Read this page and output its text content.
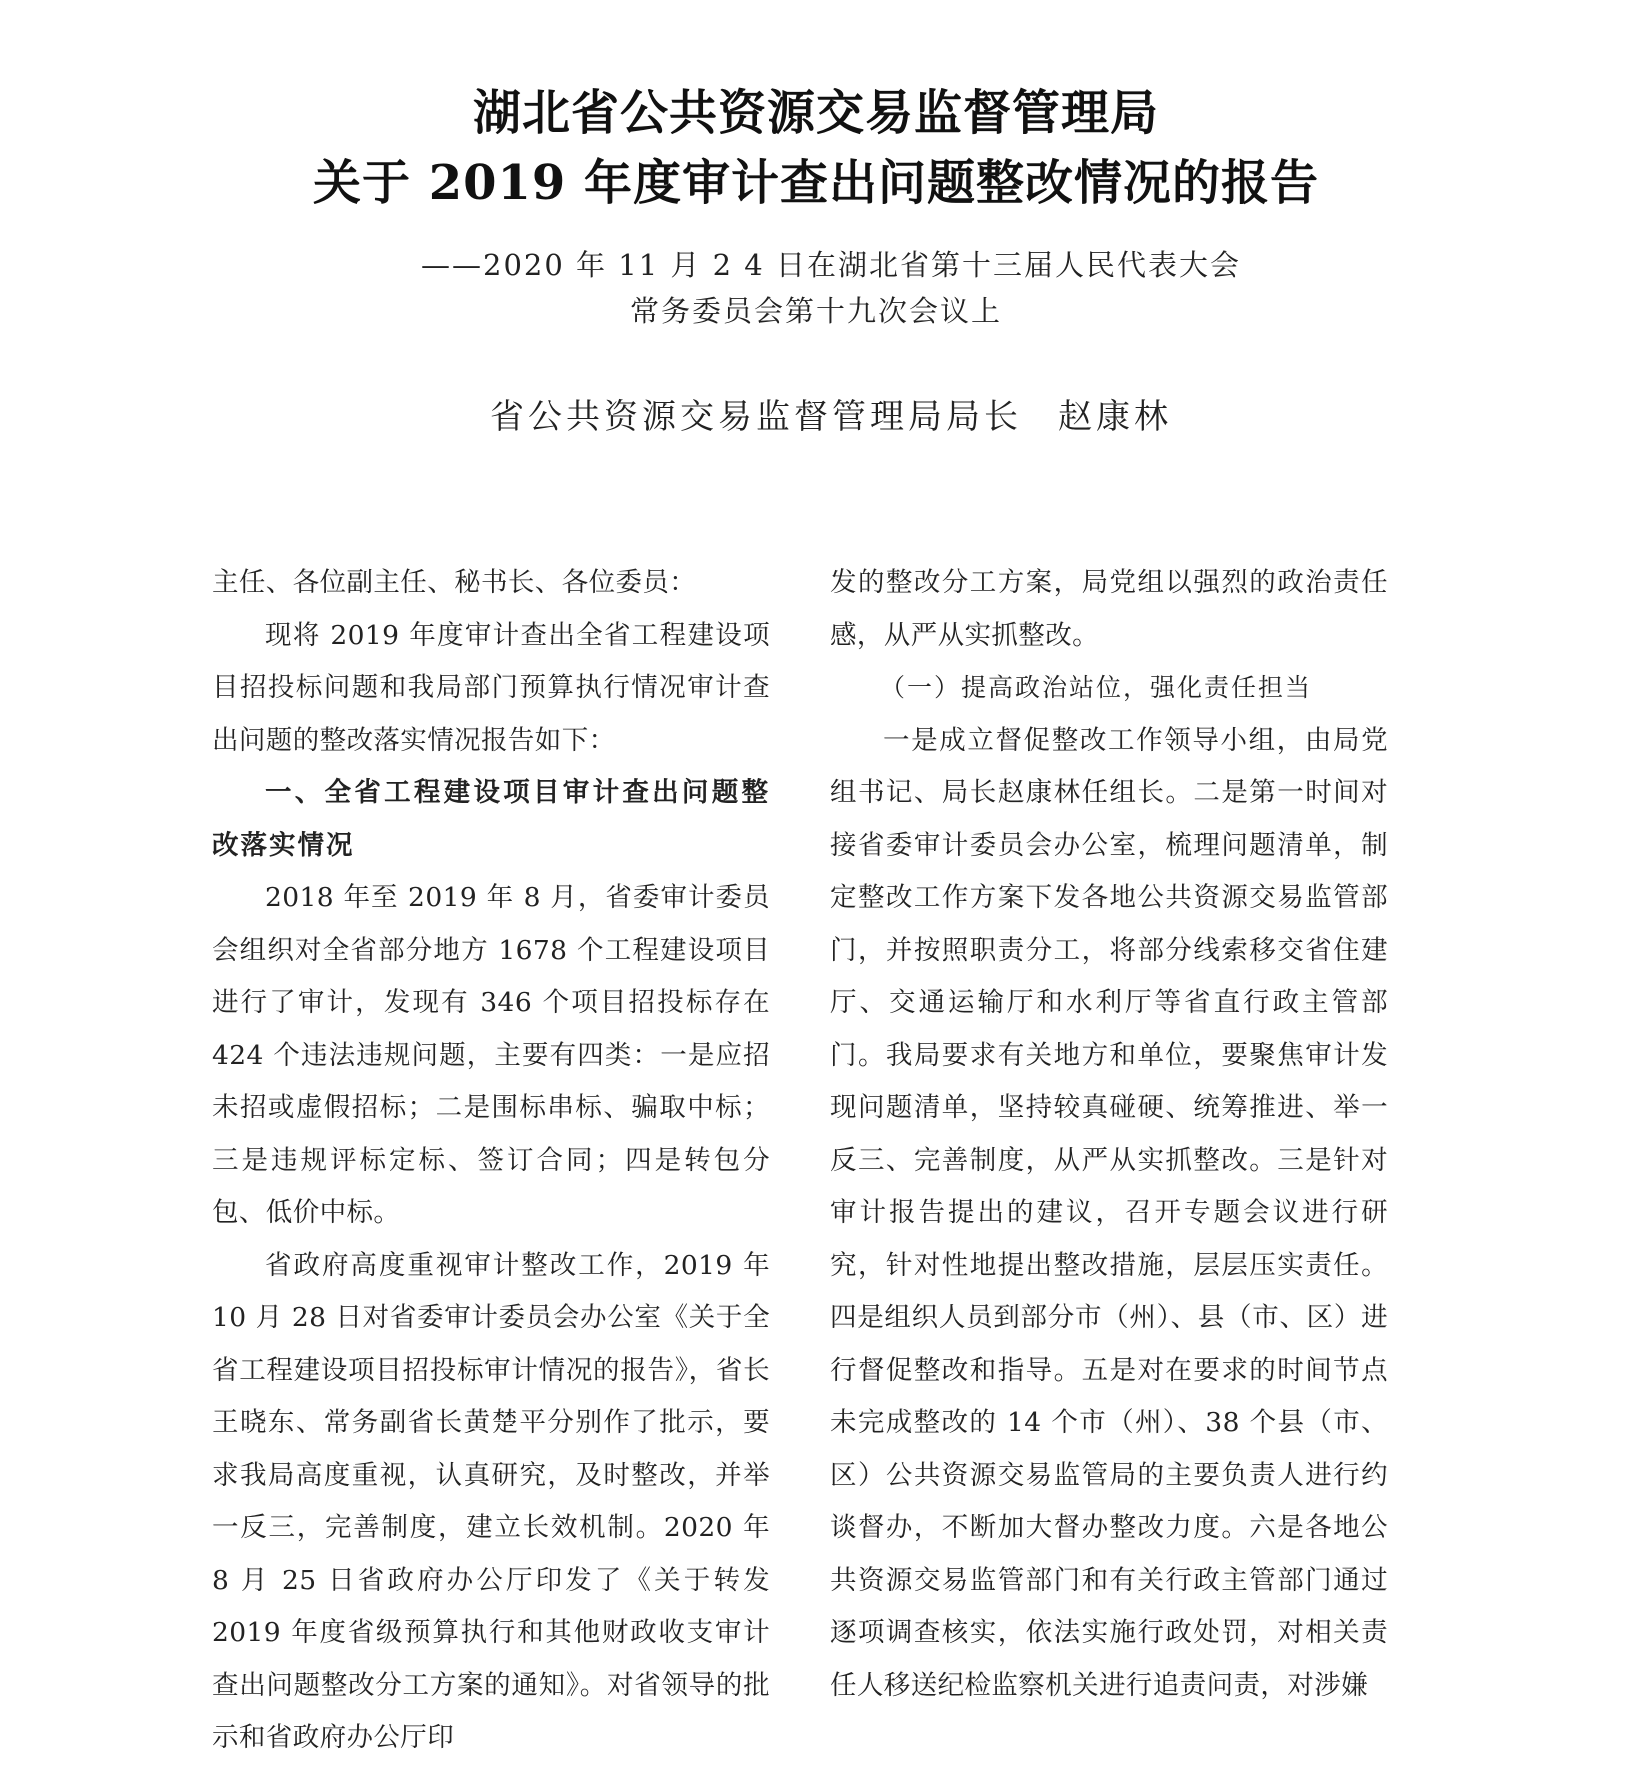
湖北省公共资源交易监督管理局
关于 2019 年度审计查出问题整改情况的报告
——2020 年 11 月 2 4 日在湖北省第十三届人民代表大会
常务委员会第十九次会议上
省公共资源交易监督管理局局长 赵康林

主任、各位副主任、秘书长、各位委员：

现将 2019 年度审计查出全省工程建设项目招投标问题和我局部门预算执行情况审计查出问题的整改落实情况报告如下：

一、全省工程建设项目审计查出问题整改落实情况

2018 年至 2019 年 8 月，省委审计委员会组织对全省部分地方 1678 个工程建设项目进行了审计，发现有 346 个项目招投标存在 424 个违法违规问题，主要有四类：一是应招未招或虚假招标；二是围标串标、骗取中标；三是违规评标定标、签订合同；四是转包分包、低价中标。

省政府高度重视审计整改工作，2019 年 10 月 28 日对省委审计委员会办公室《关于全省工程建设项目招投标审计情况的报告》，省长王晓东、常务副省长黄楚平分别作了批示，要求我局高度重视，认真研究，及时整改，并举一反三，完善制度，建立长效机制。2020 年 8 月 25 日省政府办公厅印发了《关于转发 2019 年度省级预算执行和其他财政收支审计查出问题整改分工方案的通知》。对省领导的批示和省政府办公厅印

发的整改分工方案，局党组以强烈的政治责任感，从严从实抓整改。

（一）提高政治站位，强化责任担当

一是成立督促整改工作领导小组，由局党组书记、局长赵康林任组长。二是第一时间对接省委审计委员会办公室，梳理问题清单，制定整改工作方案下发各地公共资源交易监管部门，并按照职责分工，将部分线索移交省住建厅、交通运输厅和水利厅等省直行政主管部门。我局要求有关地方和单位，要聚焦审计发现问题清单，坚持较真碰硬、统筹推进、举一反三、完善制度，从严从实抓整改。三是针对审计报告提出的建议，召开专题会议进行研究，针对性地提出整改措施，层层压实责任。四是组织人员到部分市（州）、县（市、区）进行督促整改和指导。五是对在要求的时间节点未完成整改的 14 个市（州）、38 个县（市、区）公共资源交易监管局的主要负责人进行约谈督办，不断加大督办整改力度。六是各地公共资源交易监管部门和有关行政主管部门通过逐项调查核实，依法实施行政处罚，对相关责任人移送纪检监察机关进行追责问责，对涉嫌
